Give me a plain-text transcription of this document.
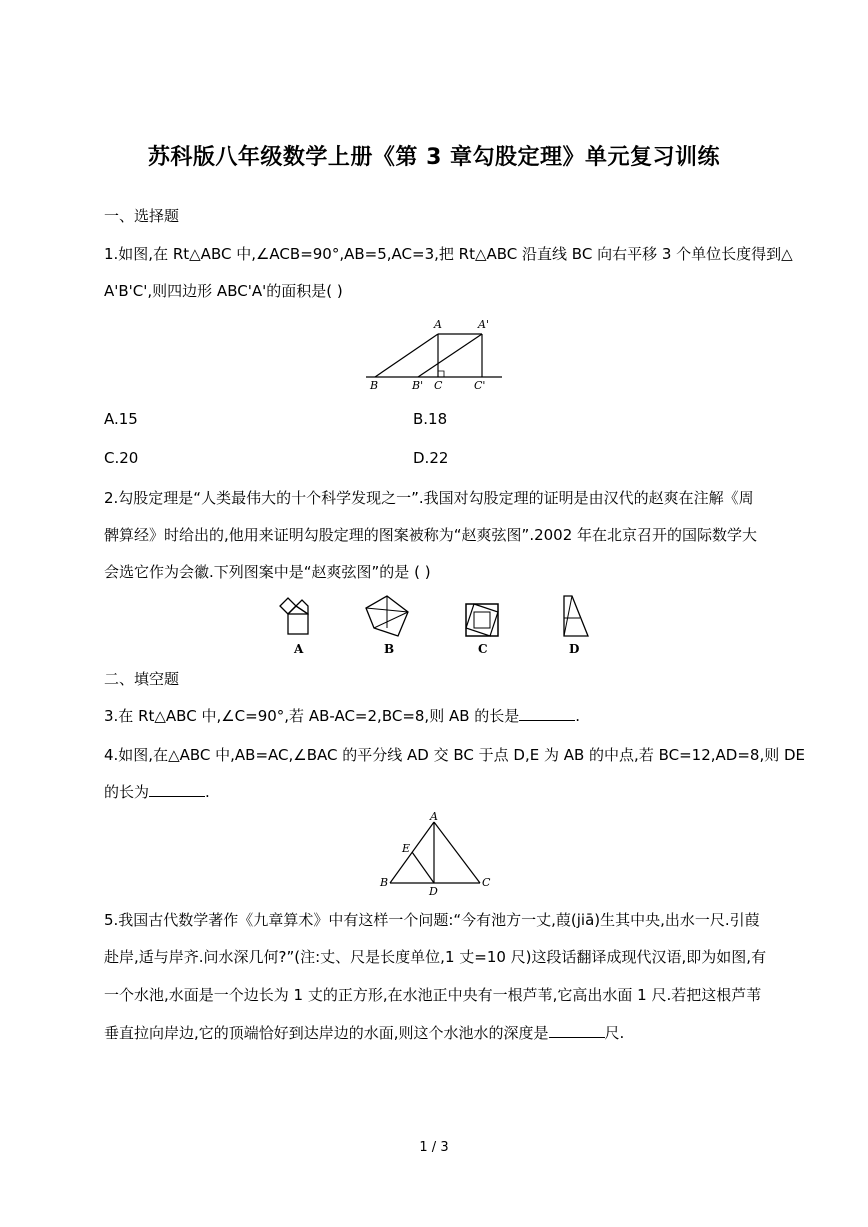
苏科版八年级数学上册《第 3 章勾股定理》单元复习训练
一、选择题
1.如图,在 Rt△ABC 中,∠ACB=90°,AB=5,AC=3,把 Rt△ABC 沿直线 BC 向右平移 3 个单位长度得到△
A'B'C',则四边形 ABC'A'的面积是( )
A	A'
B	B' C	C'
A.15	B.18
C.20	D.22
2.勾股定理是“人类最伟大的十个科学发现之一”.我国对勾股定理的证明是由汉代的赵爽在注解《周
髀算经》时给出的,他用来证明勾股定理的图案被称为“赵爽弦图”.2002 年在北京召开的国际数学大
会选它作为会徽.下列图案中是“赵爽弦图”的是 ( )
A	B	C	D
二、填空题
3.在 Rt△ABC 中,∠C=90°,若 AB-AC=2,BC=8,则 AB 的长是	.
4.如图,在△ABC 中,AB=AC,∠BAC 的平分线 AD 交 BC 于点 D,E 为 AB 的中点,若 BC=12,AD=8,则 DE
的长为	.
A
E
B
D
C
5.我国古代数学著作《九章算术》中有这样一个问题:“今有池方一丈,葭(jiā)生其中央,出水一尺.引葭
赴岸,适与岸齐.问水深几何?”(注:丈、尺是长度单位,1 丈=10 尺)这段话翻译成现代汉语,即为如图,有
一个水池,水面是一个边长为 1 丈的正方形,在水池正中央有一根芦苇,它高出水面 1 尺.若把这根芦苇
垂直拉向岸边,它的顶端恰好到达岸边的水面,则这个水池水的深度是	尺.
1 / 3
